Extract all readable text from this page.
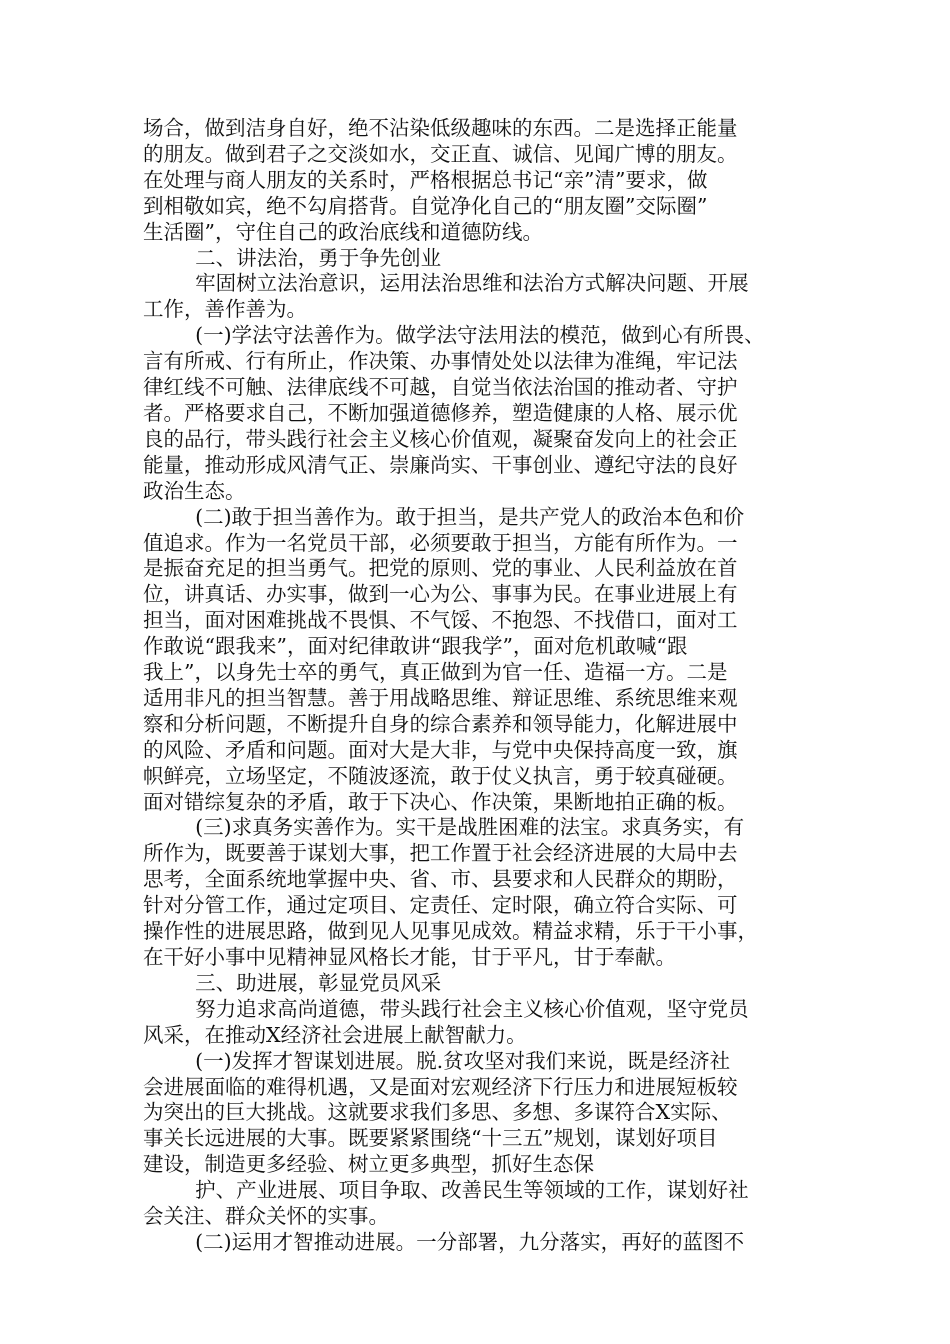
场合，做到洁身自好，绝不沾染低级趣味的东西。二是选择正能量
的朋友。做到君子之交淡如水，交正直、诚信、见闻广博的朋友。
在处理与商人朋友的关系时，严格根据总书记“亲”清”要求，做
到相敬如宾，绝不勾肩搭背。自觉净化自己的“朋友圈”交际圈”
生活圈”，守住自己的政治底线和道德防线。
二、讲法治，勇于争先创业
牢固树立法治意识，运用法治思维和法治方式解决问题、开展
工作，善作善为。
(一)学法守法善作为。做学法守法用法的模范，做到心有所畏、
言有所戒、行有所止，作决策、办事情处处以法律为准绳，牢记法
律红线不可触、法律底线不可越，自觉当依法治国的推动者、守护
者。严格要求自己，不断加强道德修养，塑造健康的人格、展示优
良的品行，带头践行社会主义核心价值观，凝聚奋发向上的社会正
能量，推动形成风清气正、崇廉尚实、干事创业、遵纪守法的良好
政治生态。
(二)敢于担当善作为。敢于担当，是共产党人的政治本色和价
值追求。作为一名党员干部，必须要敢于担当，方能有所作为。一
是振奋充足的担当勇气。把党的原则、党的事业、人民利益放在首
位，讲真话、办实事，做到一心为公、事事为民。在事业进展上有
担当，面对困难挑战不畏惧、不气馁、不抱怨、不找借口，面对工
作敢说“跟我来”，面对纪律敢讲“跟我学”，面对危机敢喊“跟
我上”，以身先士卒的勇气，真正做到为官一任、造福一方。二是
适用非凡的担当智慧。善于用战略思维、辩证思维、系统思维来观
察和分析问题，不断提升自身的综合素养和领导能力，化解进展中
的风险、矛盾和问题。面对大是大非，与党中央保持高度一致，旗
帜鲜亮，立场坚定，不随波逐流，敢于仗义执言，勇于较真碰硬。
面对错综复杂的矛盾，敢于下决心、作决策，果断地拍正确的板。
(三)求真务实善作为。实干是战胜困难的法宝。求真务实，有
所作为，既要善于谋划大事，把工作置于社会经济进展的大局中去
思考，全面系统地掌握中央、省、市、县要求和人民群众的期盼，
针对分管工作，通过定项目、定责任、定时限，确立符合实际、可
操作性的进展思路，做到见人见事见成效。精益求精，乐于干小事，
在干好小事中见精神显风格长才能，甘于平凡，甘于奉献。
三、助进展，彰显党员风采
努力追求高尚道德，带头践行社会主义核心价值观，坚守党员
风采，在推动X经济社会进展上献智献力。
(一)发挥才智谋划进展。脱.贫攻坚对我们来说，既是经济社
会进展面临的难得机遇，又是面对宏观经济下行压力和进展短板较
为突出的巨大挑战。这就要求我们多思、多想、多谋符合X实际、
事关长远进展的大事。既要紧紧围绕“十三五”规划，谋划好项目
建设，制造更多经验、树立更多典型，抓好生态保
护、产业进展、项目争取、改善民生等领域的工作，谋划好社
会关注、群众关怀的实事。
(二)运用才智推动进展。一分部署，九分落实，再好的蓝图不
